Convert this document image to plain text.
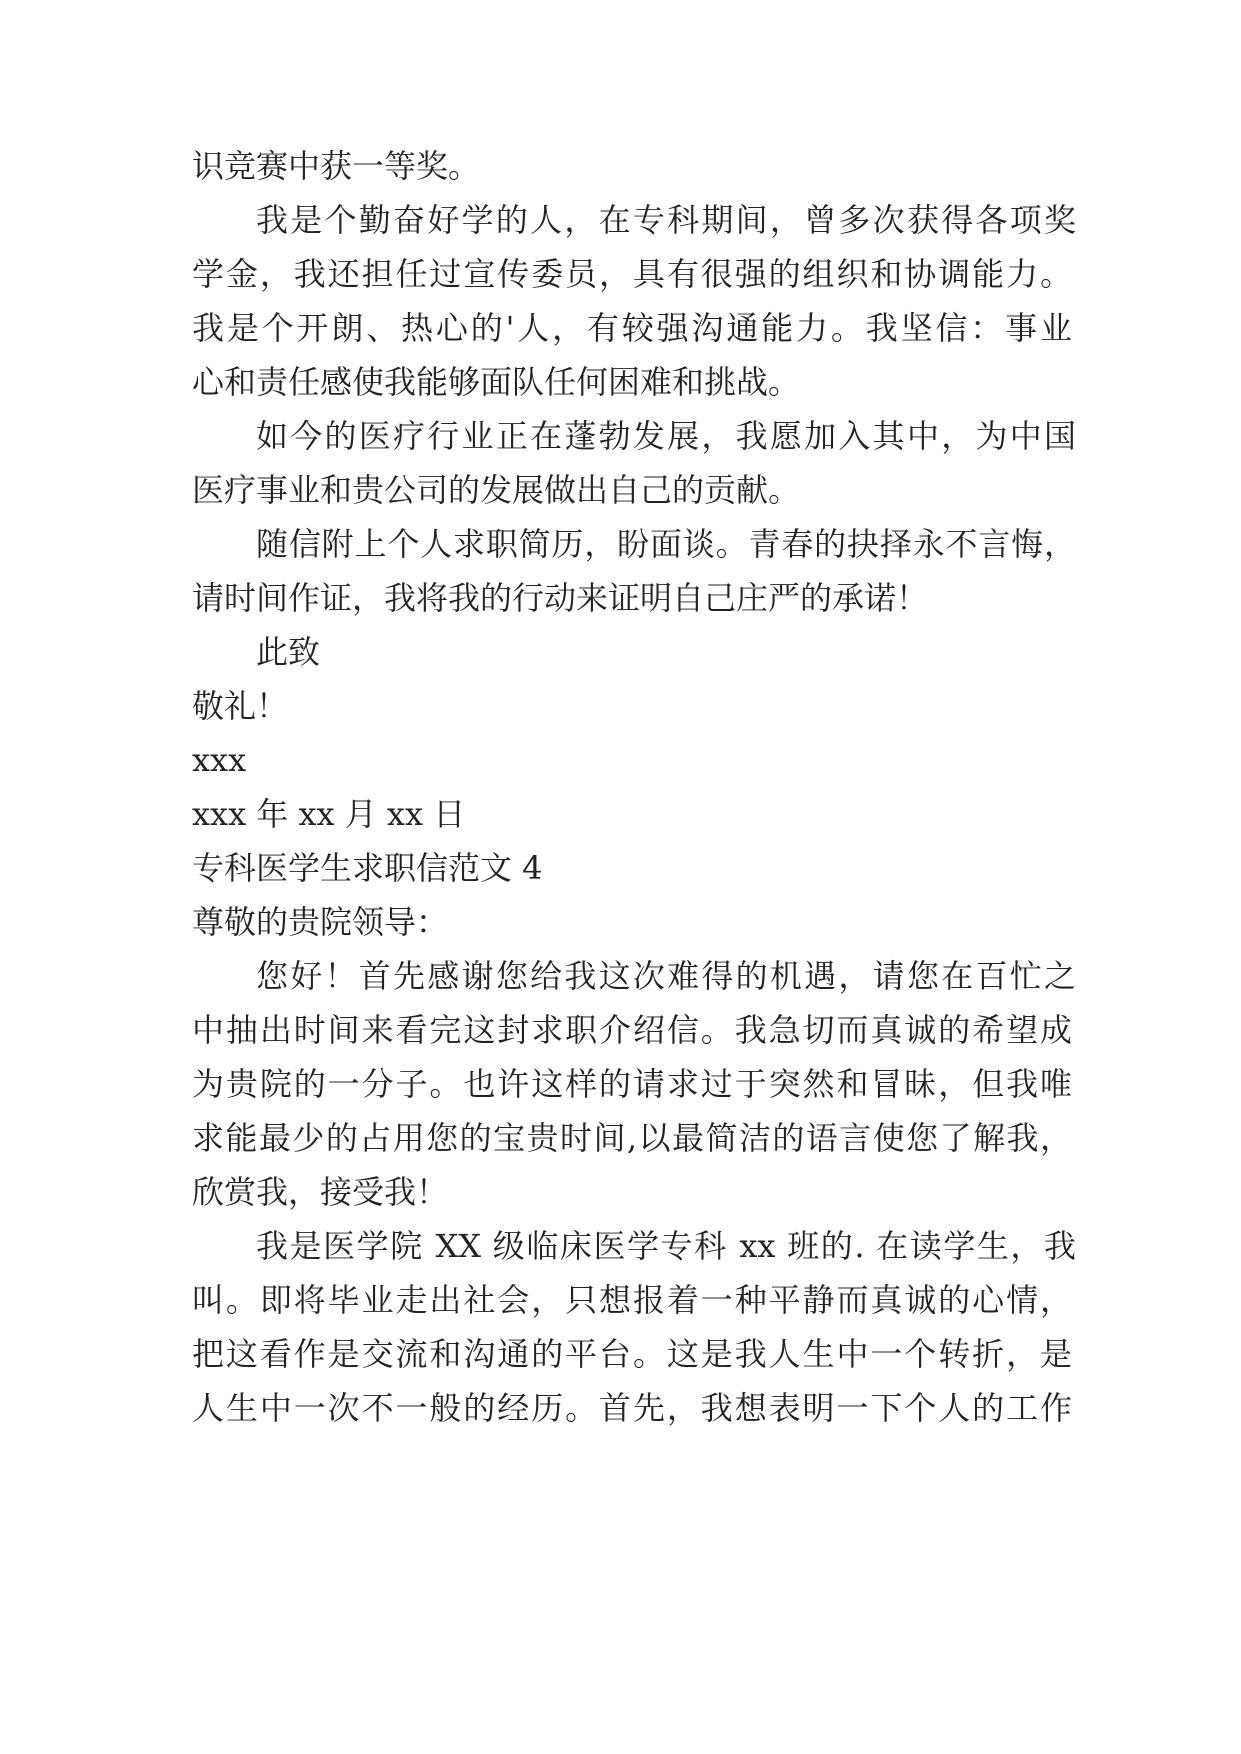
识竞赛中获一等奖。
我是个勤奋好学的人，在专科期间，曾多次获得各项奖
学金，我还担任过宣传委员，具有很强的组织和协调能力。
我是个开朗、热心的'人，有较强沟通能力。我坚信：事业
心和责任感使我能够面队任何困难和挑战。
如今的医疗行业正在蓬勃发展，我愿加入其中，为中国
医疗事业和贵公司的发展做出自己的贡献。
随信附上个人求职简历，盼面谈。青春的抉择永不言悔，
请时间作证，我将我的行动来证明自己庄严的承诺！
此致
敬礼！
xxx
xxx 年 xx 月 xx 日
专科医学生求职信范文 4
尊敬的贵院领导：
您好！首先感谢您给我这次难得的机遇，请您在百忙之
中抽出时间来看完这封求职介绍信。我急切而真诚的希望成
为贵院的一分子。也许这样的请求过于突然和冒昧，但我唯
求能最少的占用您的宝贵时间,以最简洁的语言使您了解我，
欣赏我，接受我！
我是医学院 XX 级临床医学专科 xx 班的. 在读学生，我
叫。即将毕业走出社会，只想报着一种平静而真诚的心情，
把这看作是交流和沟通的平台。这是我人生中一个转折，是
人生中一次不一般的经历。首先，我想表明一下个人的工作
